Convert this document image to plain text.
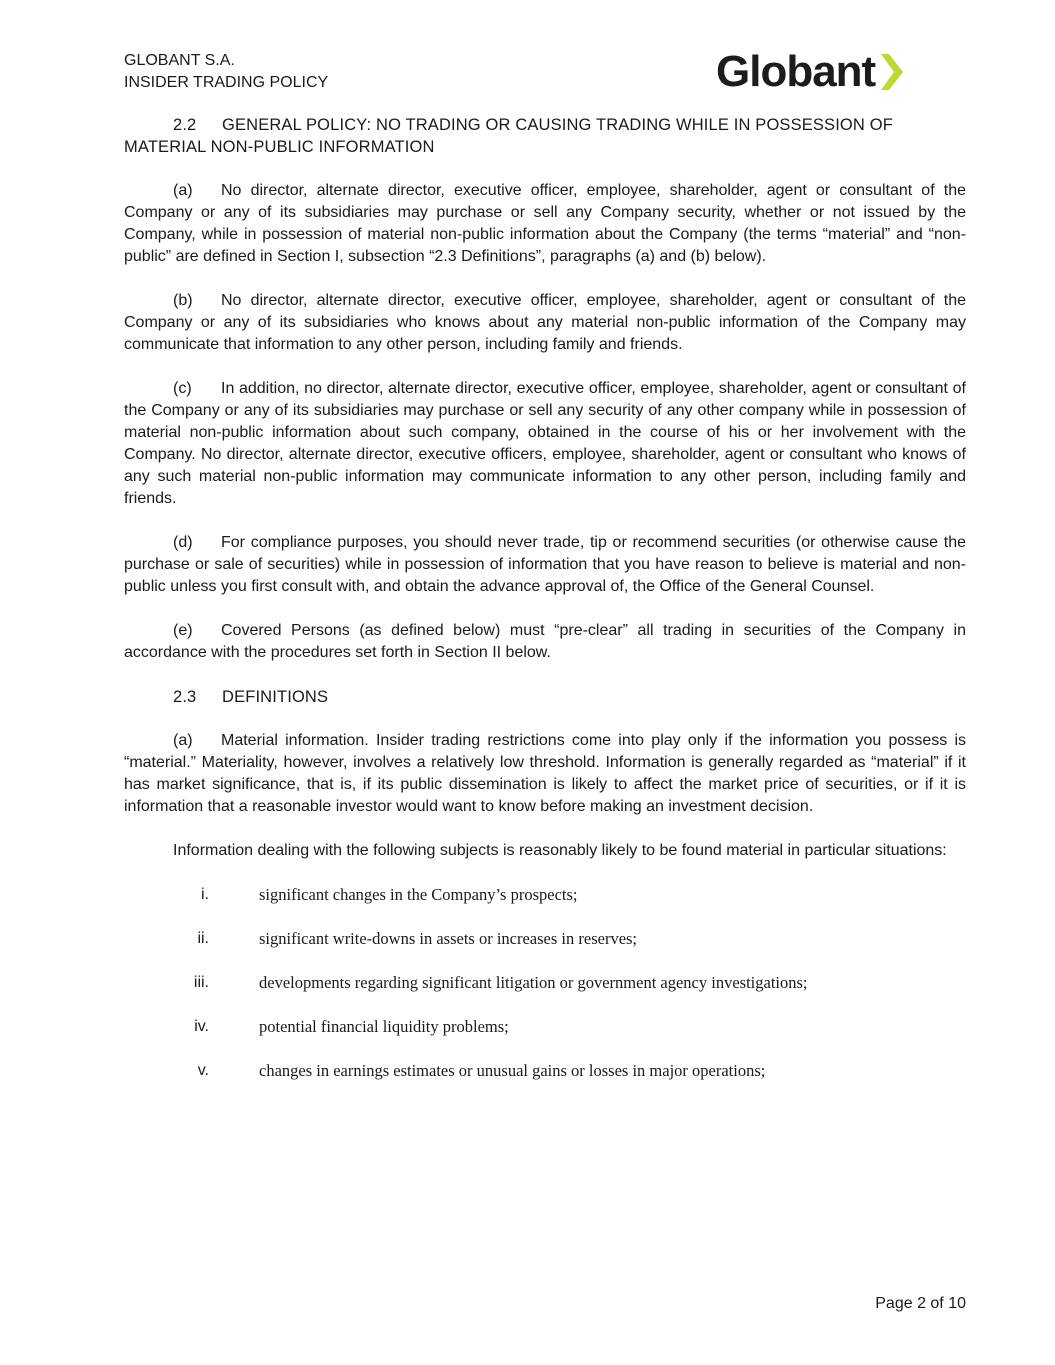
GLOBANT S.A.
INSIDER TRADING POLICY	Globant

2.2 GENERAL POLICY: NO TRADING OR CAUSING TRADING WHILE IN POSSESSION OF MATERIAL NON-PUBLIC INFORMATION

(a) No director, alternate director, executive officer, employee, shareholder, agent or consultant of the Company or any of its subsidiaries may purchase or sell any Company security, whether or not issued by the Company, while in possession of material non-public information about the Company (the terms “material” and “non-public” are defined in Section I, subsection “2.3 Definitions”, paragraphs (a) and (b) below).

(b) No director, alternate director, executive officer, employee, shareholder, agent or consultant of the Company or any of its subsidiaries who knows about any material non-public information of the Company may communicate that information to any other person, including family and friends.

(c) In addition, no director, alternate director, executive officer, employee, shareholder, agent or consultant of the Company or any of its subsidiaries may purchase or sell any security of any other company while in possession of material non-public information about such company, obtained in the course of his or her involvement with the Company. No director, alternate director, executive officers, employee, shareholder, agent or consultant who knows of any such material non-public information may communicate information to any other person, including family and friends.

(d) For compliance purposes, you should never trade, tip or recommend securities (or otherwise cause the purchase or sale of securities) while in possession of information that you have reason to believe is material and non-public unless you first consult with, and obtain the advance approval of, the Office of the General Counsel.

(e) Covered Persons (as defined below) must “pre-clear” all trading in securities of the Company in accordance with the procedures set forth in Section II below.

2.3 DEFINITIONS

(a) Material information. Insider trading restrictions come into play only if the information you possess is “material.” Materiality, however, involves a relatively low threshold. Information is generally regarded as “material” if it has market significance, that is, if its public dissemination is likely to affect the market price of securities, or if it is information that a reasonable investor would want to know before making an investment decision.

Information dealing with the following subjects is reasonably likely to be found material in particular situations:

i.	significant changes in the Company’s prospects;
ii.	significant write-downs in assets or increases in reserves;
iii.	developments regarding significant litigation or government agency investigations;
iv.	potential financial liquidity problems;
v.	changes in earnings estimates or unusual gains or losses in major operations;
Page 2 of 10
